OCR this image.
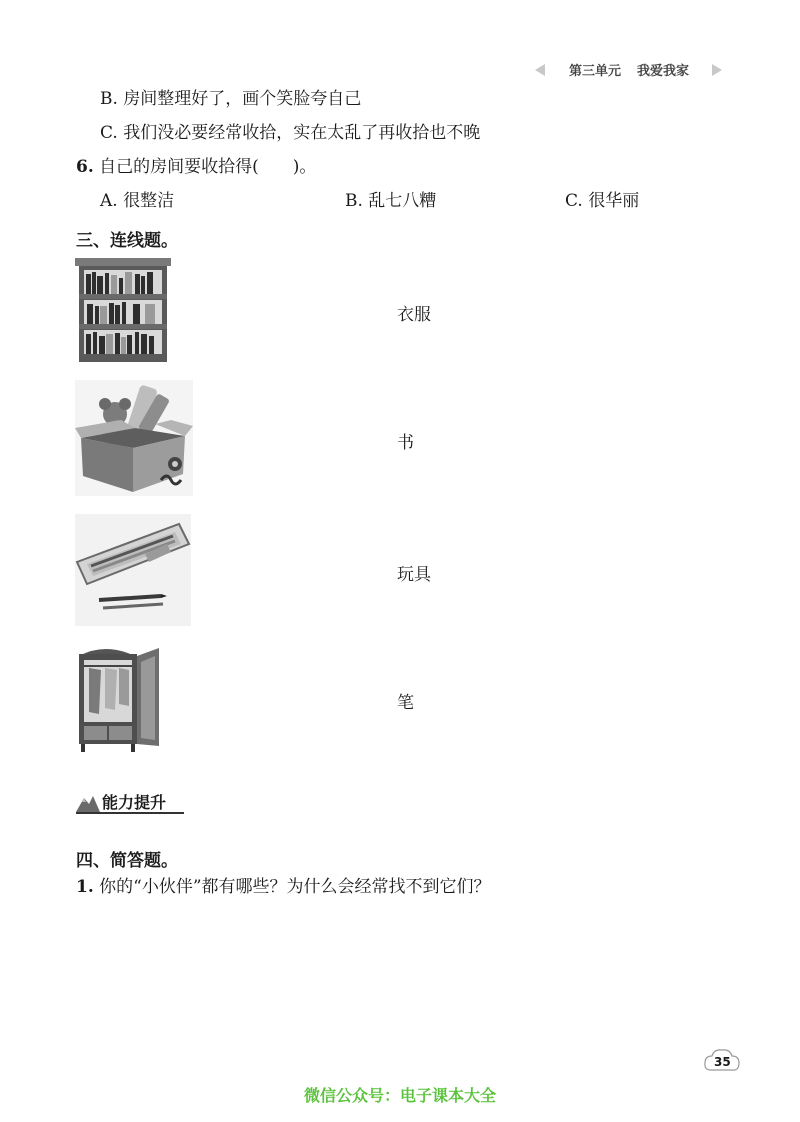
第三单元 我爱我家
B. 房间整理好了，画个笑脸夸自己
C. 我们没必要经常收拾，实在太乱了再收拾也不晚
6. 自己的房间要收拾得(　　)。
A. 很整洁	B. 乱七八糟	C. 很华丽
三、连线题。
衣服
书
玩具
笔
能力提升
四、简答题。
1. 你的“小伙伴”都有哪些？为什么会经常找不到它们？
35
微信公众号：电子课本大全
